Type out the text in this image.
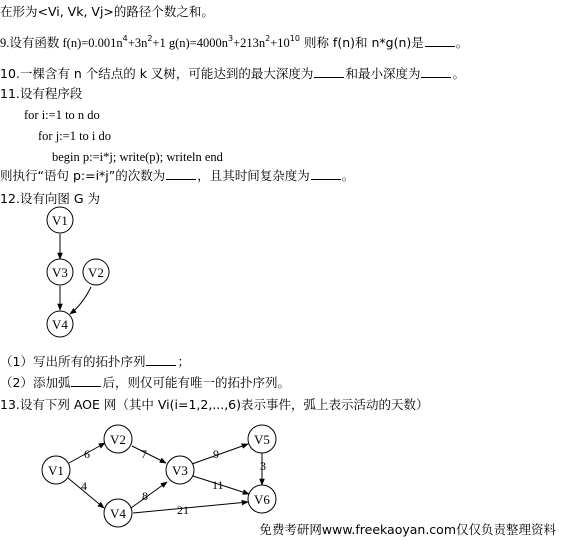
在形为<Vi, Vk, Vj>的路径个数之和。
9.设有函数 $f(n)=0.001n^4+3n^2+1$ $g(n)=4000n^3+213n^2+10^{10}$ 则称 f(n)和 n*g(n)是	。
10.一棵含有 n 个结点的 k 叉树，可能达到的最大深度为	和最小深度为	。
11.设有程序段
for i:=1 to n do
for j:=1 to i do
begin p:=i*j; write(p); writeln end
则执行“语句 p:=i*j”的次数为	，且其时间复杂度为	。
12.设有向图 G 为
（1）写出所有的拓扑序列	；
（2）添加弧	后，则仅可能有唯一的拓扑序列。
13.设有下列 AOE 网（其中 Vi(i=1,2,...,6)表示事件，弧上表示活动的天数）
V1
V3 V2
V4
V1
V2
V3
V4
V5
V6
6
4
7
8
9
11
21
3
免费考研网www.freekaoyan.com仅仅负责整理资料
